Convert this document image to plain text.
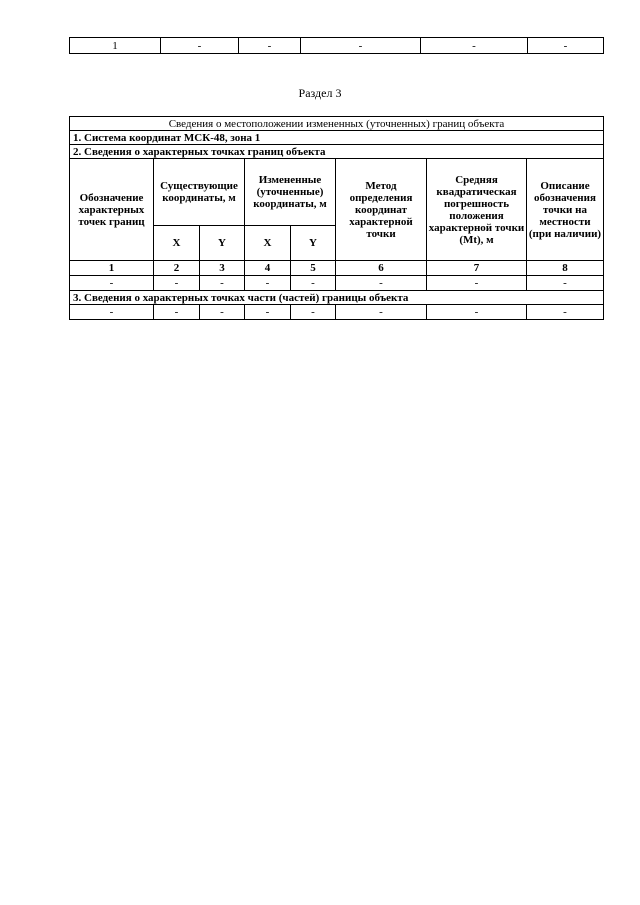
1	-	-	-	-	-
Раздел 3
Сведения о местоположении измененных (уточненных) границ объекта							
1. Система координат МСК-48, зона 1							
2. Сведения о характерных точках границ объекта							
Обозначение характерных точек границ	Существующие координаты, м		Измененные (уточненные) координаты, м		Метод определения координат характерной точки	Средняя квадратическая погрешность положения характерной точки (Mt), м	Описание обозначения точки на местности (при наличии)
	X	Y	X	Y			
1	2	3	4	5	6	7	8
-	-	-	-	-	-	-	-
3. Сведения о характерных точках части (частей) границы объекта							
-	-	-	-	-	-	-	-
